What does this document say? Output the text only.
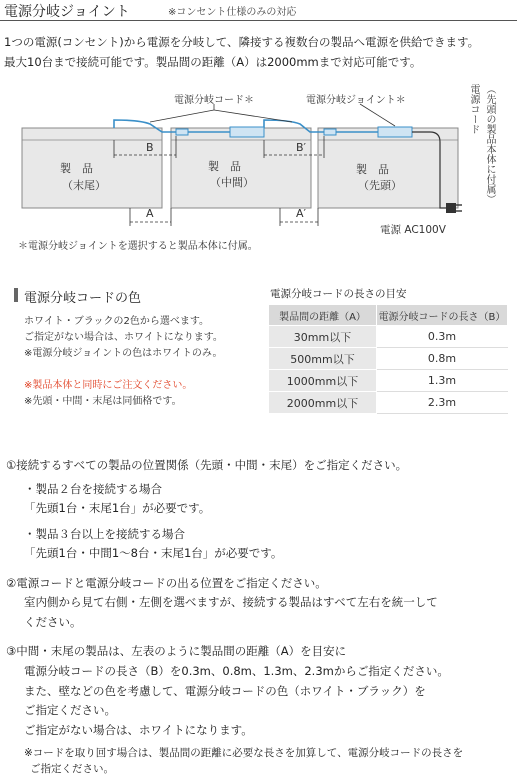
電源分岐ジョイント	※コンセント仕様のみの対応
1つの電源(コンセント)から電源を分岐して、隣接する複数台の製品へ電源を供給できます。
最大10台まで接続可能です。製品間の距離（A）は2000mmまで対応可能です。
電源分岐コード＊	電源分岐ジョイント＊	電源コード （先頭の製品本体に付属）
B	B′
A	A′
製　品
（末尾）
製　品
（中間）
製　品
（先頭）
電源 AC100V
＊電源分岐ジョイントを選択すると製品本体に付属。
電源分岐コードの色
ホワイト・ブラックの2色から選べます。
ご指定がない場合は、ホワイトになります。
※電源分岐ジョイントの色はホワイトのみ。
※製品本体と同時にご注文ください。
※先頭・中間・末尾は同価格です。
電源分岐コードの長さの目安
製品間の距離（A）	電源分岐コードの長さ（B）
30mm以下	0.3m
500mm以下	0.8m
1000mm以下	1.3m
2000mm以下	2.3m
①接続するすべての製品の位置関係（先頭・中間・末尾）をご指定ください。
・製品２台を接続する場合
「先頭1台・末尾1台」が必要です。
・製品３台以上を接続する場合
「先頭1台・中間1～8台・末尾1台」が必要です。
②電源コードと電源分岐コードの出る位置をご指定ください。
室内側から見て右側・左側を選べますが、接続する製品はすべて左右を統一して
ください。
③中間・末尾の製品は、左表のように製品間の距離（A）を目安に
電源分岐コードの長さ（B）を0.3m、0.8m、1.3m、2.3mからご指定ください。
また、壁などの色を考慮して、電源分岐コードの色（ホワイト・ブラック）を
ご指定ください。
ご指定がない場合は、ホワイトになります。
※コードを取り回す場合は、製品間の距離に必要な長さを加算して、電源分岐コードの長さを
ご指定ください。
